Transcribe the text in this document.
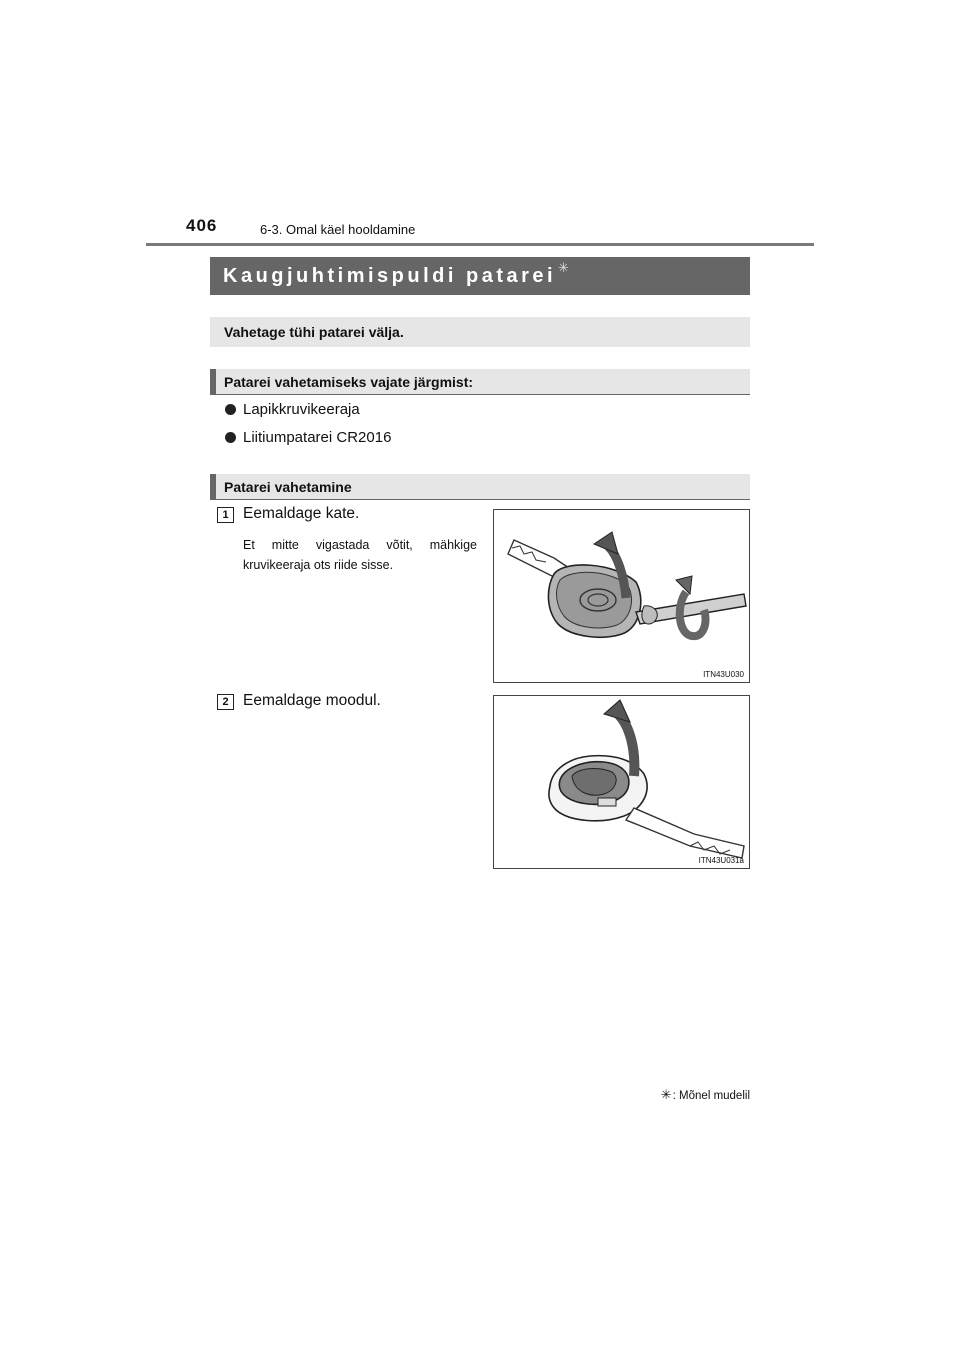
406	6-3. Omal käel hooldamine
Kaugjuhtimispuldi patarei ✳
Vahetage tühi patarei välja.
Patarei vahetamiseks vajate järgmist:
Lapikkruvikeeraja
Liitiumpatarei CR2016
Patarei vahetamine
1 Eemaldage kate.
Et mitte vigastada võtit, mähkige kruvikeeraja ots riide sisse.
ITN43U030
2 Eemaldage moodul.
ITN43U031a
✳: Mõnel mudelil
